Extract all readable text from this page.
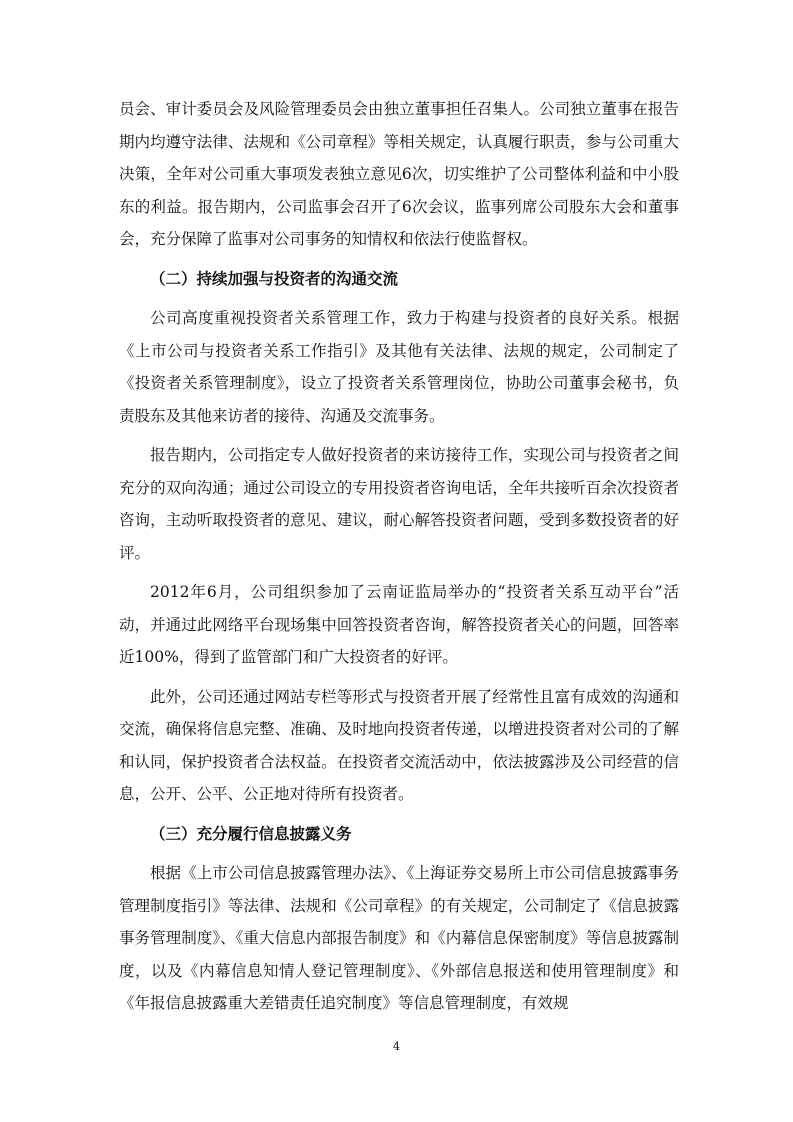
员会、审计委员会及风险管理委员会由独立董事担任召集人。公司独立董事在报告期内均遵守法律、法规和《公司章程》等相关规定，认真履行职责，参与公司重大决策，全年对公司重大事项发表独立意见6次，切实维护了公司整体利益和中小股东的利益。报告期内，公司监事会召开了6次会议，监事列席公司股东大会和董事会，充分保障了监事对公司事务的知情权和依法行使监督权。

（二）持续加强与投资者的沟通交流

公司高度重视投资者关系管理工作，致力于构建与投资者的良好关系。根据《上市公司与投资者关系工作指引》及其他有关法律、法规的规定，公司制定了《投资者关系管理制度》，设立了投资者关系管理岗位，协助公司董事会秘书，负责股东及其他来访者的接待、沟通及交流事务。

报告期内，公司指定专人做好投资者的来访接待工作，实现公司与投资者之间充分的双向沟通；通过公司设立的专用投资者咨询电话，全年共接听百余次投资者咨询，主动听取投资者的意见、建议，耐心解答投资者问题，受到多数投资者的好评。

2012年6月，公司组织参加了云南证监局举办的“投资者关系互动平台”活动，并通过此网络平台现场集中回答投资者咨询，解答投资者关心的问题，回答率近100%，得到了监管部门和广大投资者的好评。

此外，公司还通过网站专栏等形式与投资者开展了经常性且富有成效的沟通和交流，确保将信息完整、准确、及时地向投资者传递，以增进投资者对公司的了解和认同，保护投资者合法权益。在投资者交流活动中，依法披露涉及公司经营的信息，公开、公平、公正地对待所有投资者。

（三）充分履行信息披露义务

根据《上市公司信息披露管理办法》、《上海证券交易所上市公司信息披露事务管理制度指引》等法律、法规和《公司章程》的有关规定，公司制定了《信息披露事务管理制度》、《重大信息内部报告制度》和《内幕信息保密制度》等信息披露制度，以及《内幕信息知情人登记管理制度》、《外部信息报送和使用管理制度》和《年报信息披露重大差错责任追究制度》等信息管理制度，有效规

4
